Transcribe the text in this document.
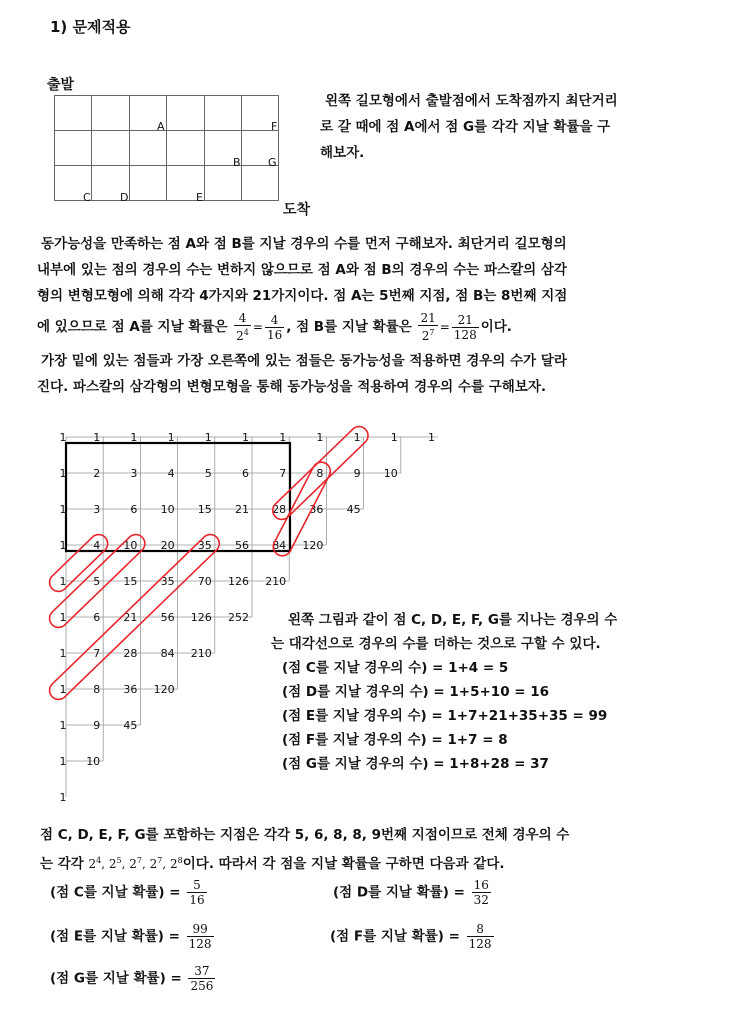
1) 문제적용
출발
A	F
B G
C	D	E
도착
왼쪽 길모형에서 출발점에서 도착점까지 최단거리
로 갈 때에 점 A에서 점 G를 각각 지날 확률을 구
해보자.
동가능성을 만족하는 점 A와 점 B를 지날 경우의 수를 먼저 구해보자. 최단거리 길모형의
내부에 있는 점의 경우의 수는 변하지 않으므로 점 A와 점 B의 경우의 수는 파스칼의 삼각
형의 변형모형에 의해 각각 4가지와 21가지이다. 점 A는 5번째 지점, 점 B는 8번째 지점
에 있으므로 점 A를 지날 확률은 $\frac{4}{2^4} = \frac{4}{16}$ , 점 B를 지날 확률은 $\frac{21}{2^7} = \frac{21}{128}$ 이다.
가장 밑에 있는 점들과 가장 오른쪽에 있는 점들은 동가능성을 적용하면 경우의 수가 달라
진다. 파스칼의 삼각형의 변형모형을 통해 동가능성을 적용하여 경우의 수를 구해보자.
1 1	1	1	1	1	1	1	1	1	1
1 2	3	4	5	6	7	8	9 10
1 3	6 10 15 21 28 36 45
1 4 10 20 35 56 84 120
1 5 15 35 70 126 210
1 6 21 56 126 252
1 7 28 84 210
1 8 36 120
1 9 45
1 10
1
왼쪽 그림과 같이 점 C, D, E, F, G를 지나는 경우의 수
는 대각선으로 경우의 수를 더하는 것으로 구할 수 있다.
(점 C를 지날 경우의 수) = 1+4 = 5
(점 D를 지날 경우의 수) = 1+5+10 = 16
(점 E를 지날 경우의 수) = 1+7+21+35+35 = 99
(점 F를 지날 경우의 수) = 1+7 = 8
(점 G를 지날 경우의 수) = 1+8+28 = 37
점 C, D, E, F, G를 포함하는 지점은 각각 5, 6, 8, 8, 9번째 지점이므로 전체 경우의 수
는 각각 $2^4$, $2^5$, $2^7$, $2^7$, $2^8$이다. 따라서 각 점을 지날 확률을 구하면 다음과 같다.
(점 C를 지날 확률) = $\frac{5}{16}$	(점 D를 지날 확률) = $\frac{16}{32}$
(점 E를 지날 확률) = $\frac{99}{128}$	(점 F를 지날 확률) = $\frac{8}{128}$
(점 G를 지날 확률) = $\frac{37}{256}$
